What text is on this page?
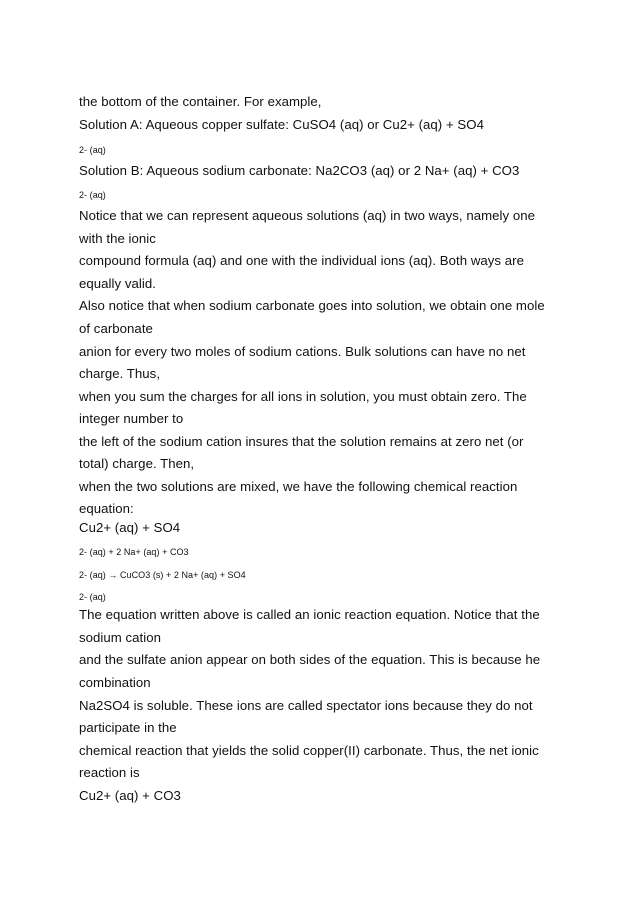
the bottom of the container. For example,
Solution A: Aqueous copper sulfate: CuSO4 (aq) or Cu2+ (aq) + SO4
2- (aq)
Solution B: Aqueous sodium carbonate: Na2CO3 (aq) or 2 Na+ (aq) + CO3
2- (aq)
Notice that we can represent aqueous solutions (aq) in two ways, namely one
with the ionic
compound formula (aq) and one with the individual ions (aq). Both ways are
equally valid.
Also notice that when sodium carbonate goes into solution, we obtain one mole
of carbonate
anion for every two moles of sodium cations. Bulk solutions can have no net
charge. Thus,
when you sum the charges for all ions in solution, you must obtain zero. The
integer number to
the left of the sodium cation insures that the solution remains at zero net (or
total) charge. Then,
when the two solutions are mixed, we have the following chemical reaction
equation:
Cu2+ (aq) + SO4
2- (aq) + 2 Na+ (aq) + CO3
2- (aq) → CuCO3 (s) + 2 Na+ (aq) + SO4
2- (aq)
The equation written above is called an ionic reaction equation. Notice that the
sodium cation
and the sulfate anion appear on both sides of the equation. This is because he
combination
Na2SO4 is soluble. These ions are called spectator ions because they do not
participate in the
chemical reaction that yields the solid copper(II) carbonate. Thus, the net ionic
reaction is
Cu2+ (aq) + CO3
